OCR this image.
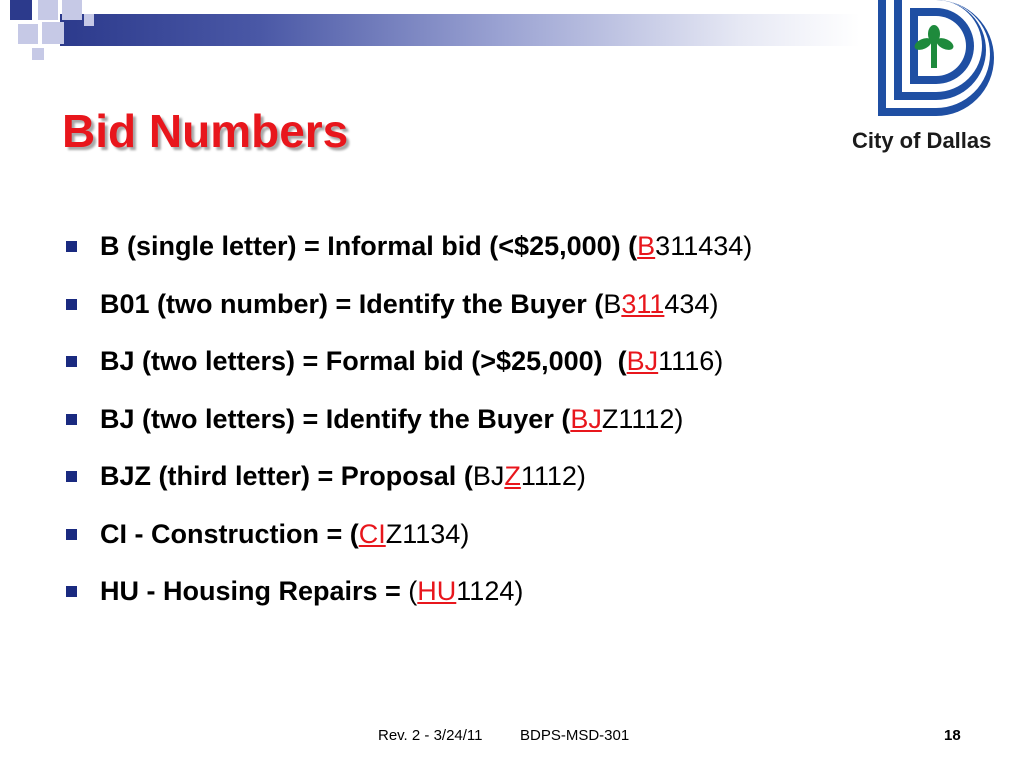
City of Dallas
Bid Numbers
B (single letter) = Informal bid (<$25,000) (B311434)
B01 (two number) = Identify the Buyer (B311434)
BJ (two letters) = Formal bid (>$25,000)  (BJ1116)
BJ (two letters) = Identify the Buyer (BJZ1112)
BJZ (third letter) = Proposal (BJZ1112)
CI - Construction = (CIZ1134)
HU - Housing Repairs = (HU1124)
Rev. 2 - 3/24/11 BDPS-MSD-301	18
